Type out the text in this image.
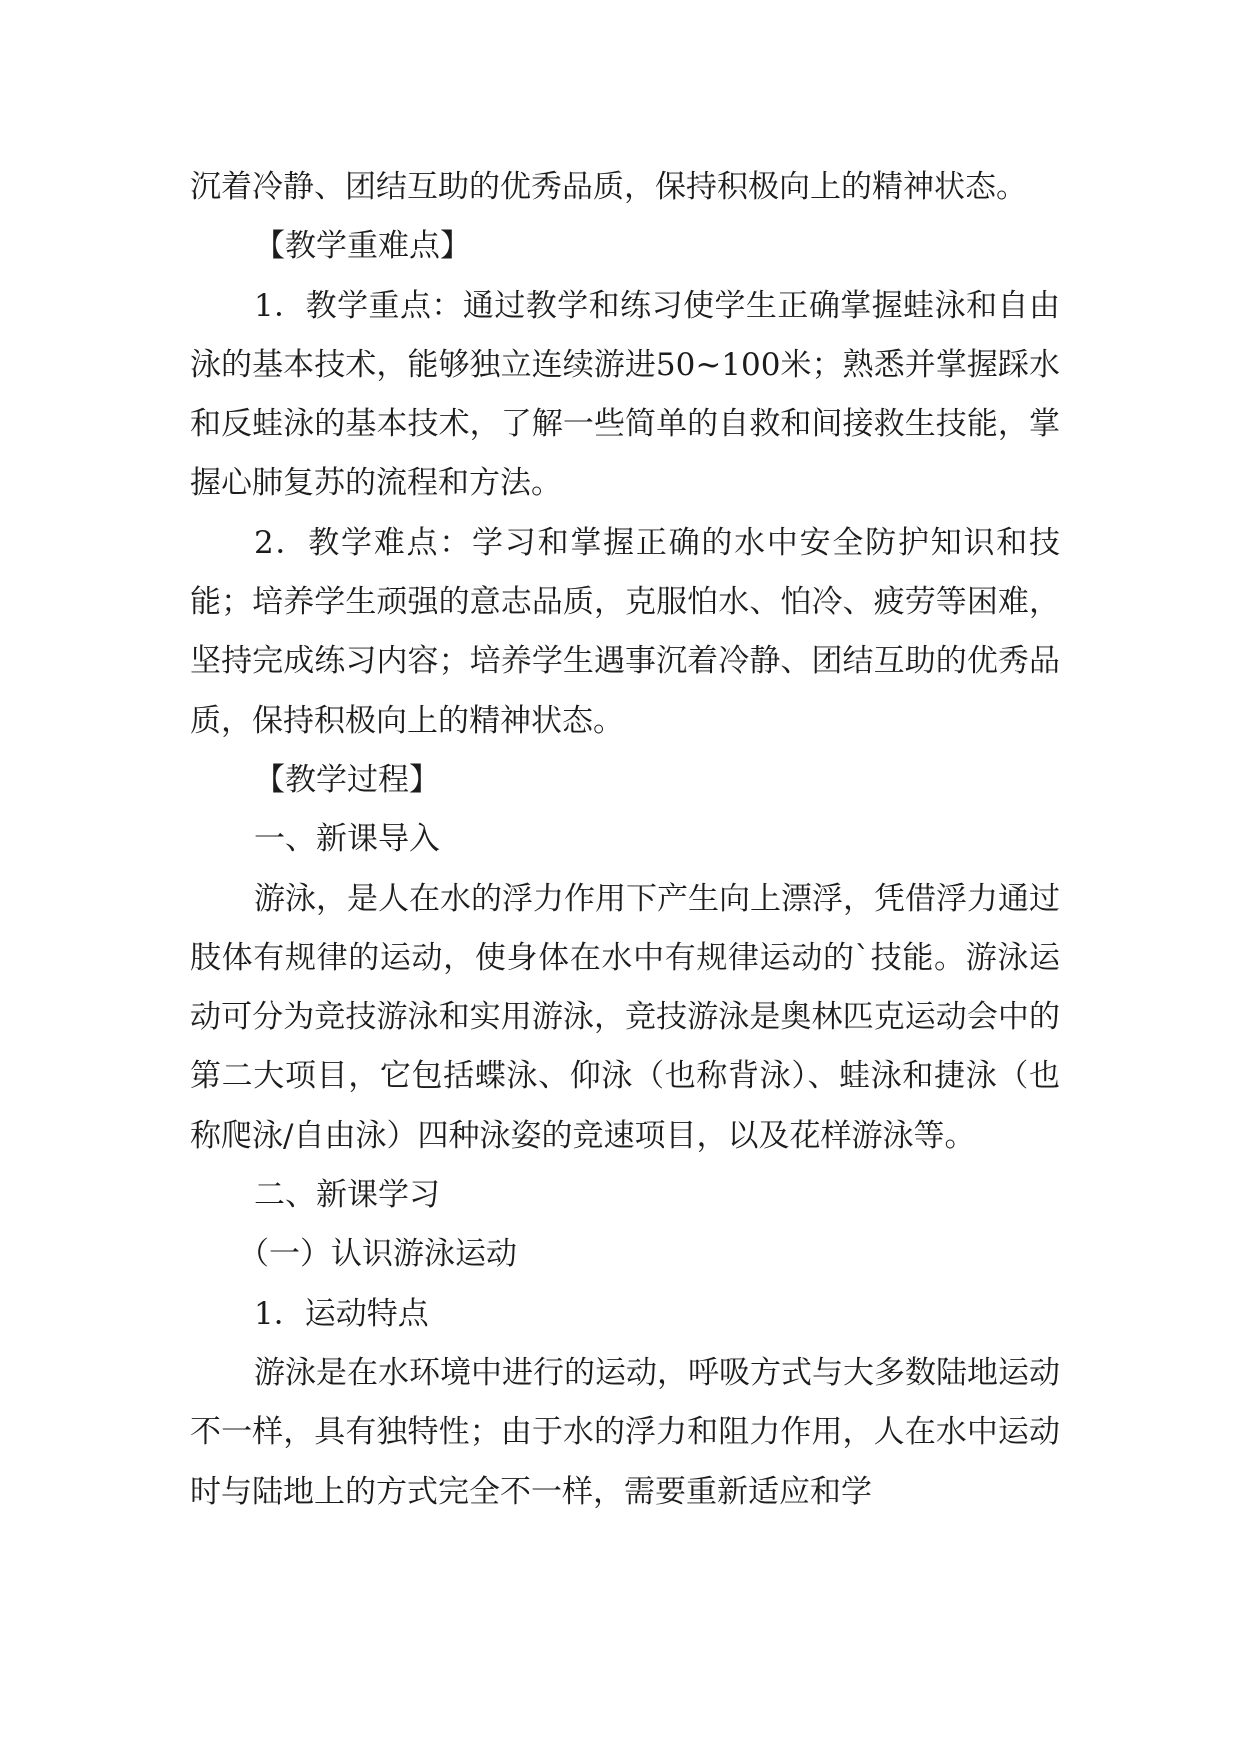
沉着冷静、团结互助的优秀品质，保持积极向上的精神状态。

【教学重难点】

1．教学重点：通过教学和练习使学生正确掌握蛙泳和自由泳的基本技术，能够独立连续游进50~100米；熟悉并掌握踩水和反蛙泳的基本技术，了解一些简单的自救和间接救生技能，掌握心肺复苏的流程和方法。

2．教学难点：学习和掌握正确的水中安全防护知识和技能；培养学生顽强的意志品质，克服怕水、怕冷、疲劳等困难，坚持完成练习内容；培养学生遇事沉着冷静、团结互助的优秀品质，保持积极向上的精神状态。

【教学过程】

一、新课导入

游泳，是人在水的浮力作用下产生向上漂浮，凭借浮力通过肢体有规律的运动，使身体在水中有规律运动的`技能。游泳运动可分为竞技游泳和实用游泳，竞技游泳是奥林匹克运动会中的第二大项目，它包括蝶泳、仰泳（也称背泳）、蛙泳和捷泳（也称爬泳/自由泳）四种泳姿的竞速项目，以及花样游泳等。

二、新课学习

（一）认识游泳运动

1．运动特点

游泳是在水环境中进行的运动，呼吸方式与大多数陆地运动不一样，具有独特性；由于水的浮力和阻力作用，人在水中运动时与陆地上的方式完全不一样，需要重新适应和学
